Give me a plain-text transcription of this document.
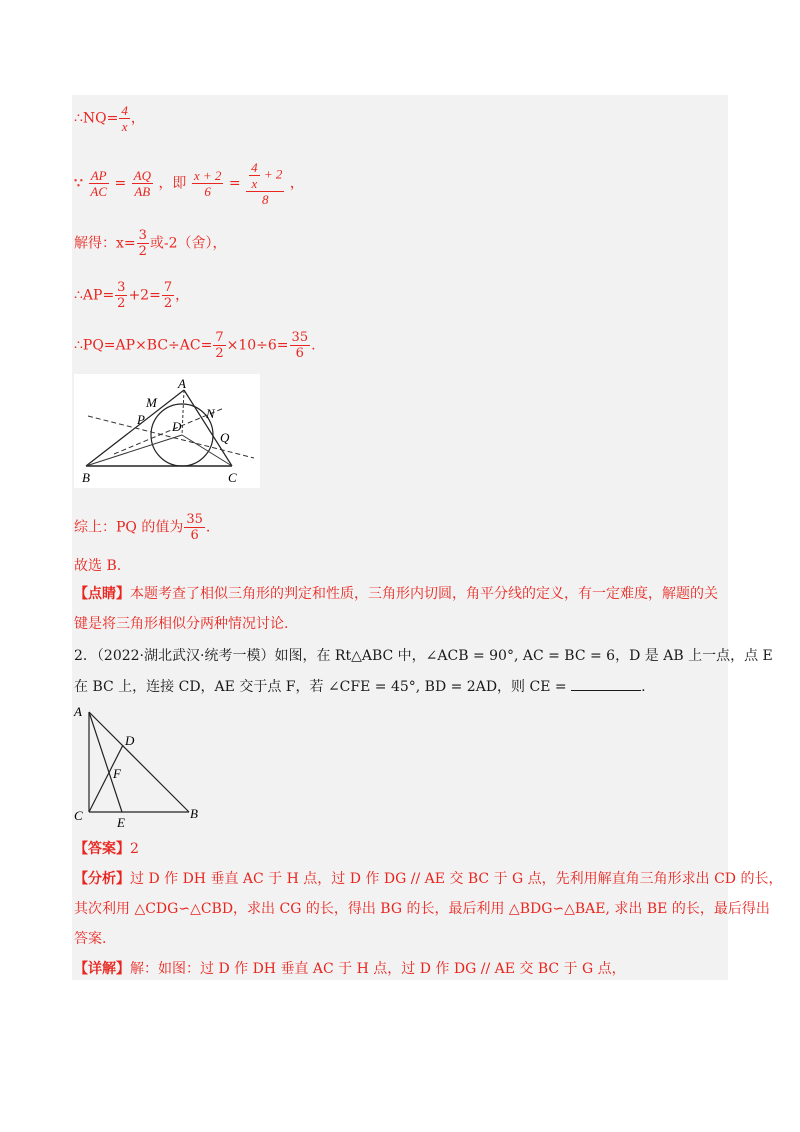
∴NQ= $\frac{4}{x}$ ，
∵ $\frac{AP}{AC} = \frac{AQ}{AB}$ ，即 $\frac{x + 2}{6} = \frac{\frac{4}{x} + 2}{8}$ ，
解得：$x= \frac{3}{2}$ 或-2（舍），
∴AP= $\frac{3}{2} +2= \frac{7}{2}$ ，
∴PQ=AP×BC÷AC= $\frac{7}{2} \times 10\div 6= \frac{35}{6}$ .
A
M
N
P D
Q
B	C
综上：PQ 的值为 $\frac{35}{6}$ .
故选 B.
【点睛】本题考查了相似三角形的判定和性质，三角形内切圆，角平分线的定义，有一定难度，解题的关
键是将三角形相似分两种情况讨论.
2．（2022·湖北武汉·统考一模）如图，在 Rt△ABC 中，∠ACB = 90°, AC = BC = 6，D 是 AB 上一点，点 E
在 BC 上，连接 CD，AE 交于点 F，若 ∠CFE = 45°, BD = 2AD，则 CE =	.
A
D
F
C	E
B
【答案】2
【分析】过 D 作 DH 垂直 AC 于 H 点，过 D 作 DG // AE 交 BC 于 G 点，先利用解直角三角形求出 CD 的长，
其次利用 △CDG∽△CBD，求出 CG 的长，得出 BG 的长，最后利用 △BDG∽△BAE, 求出 BE 的长，最后得出
答案.
【详解】解：如图：过 D 作 DH 垂直 AC 于 H 点，过 D 作 DG // AE 交 BC 于 G 点，
